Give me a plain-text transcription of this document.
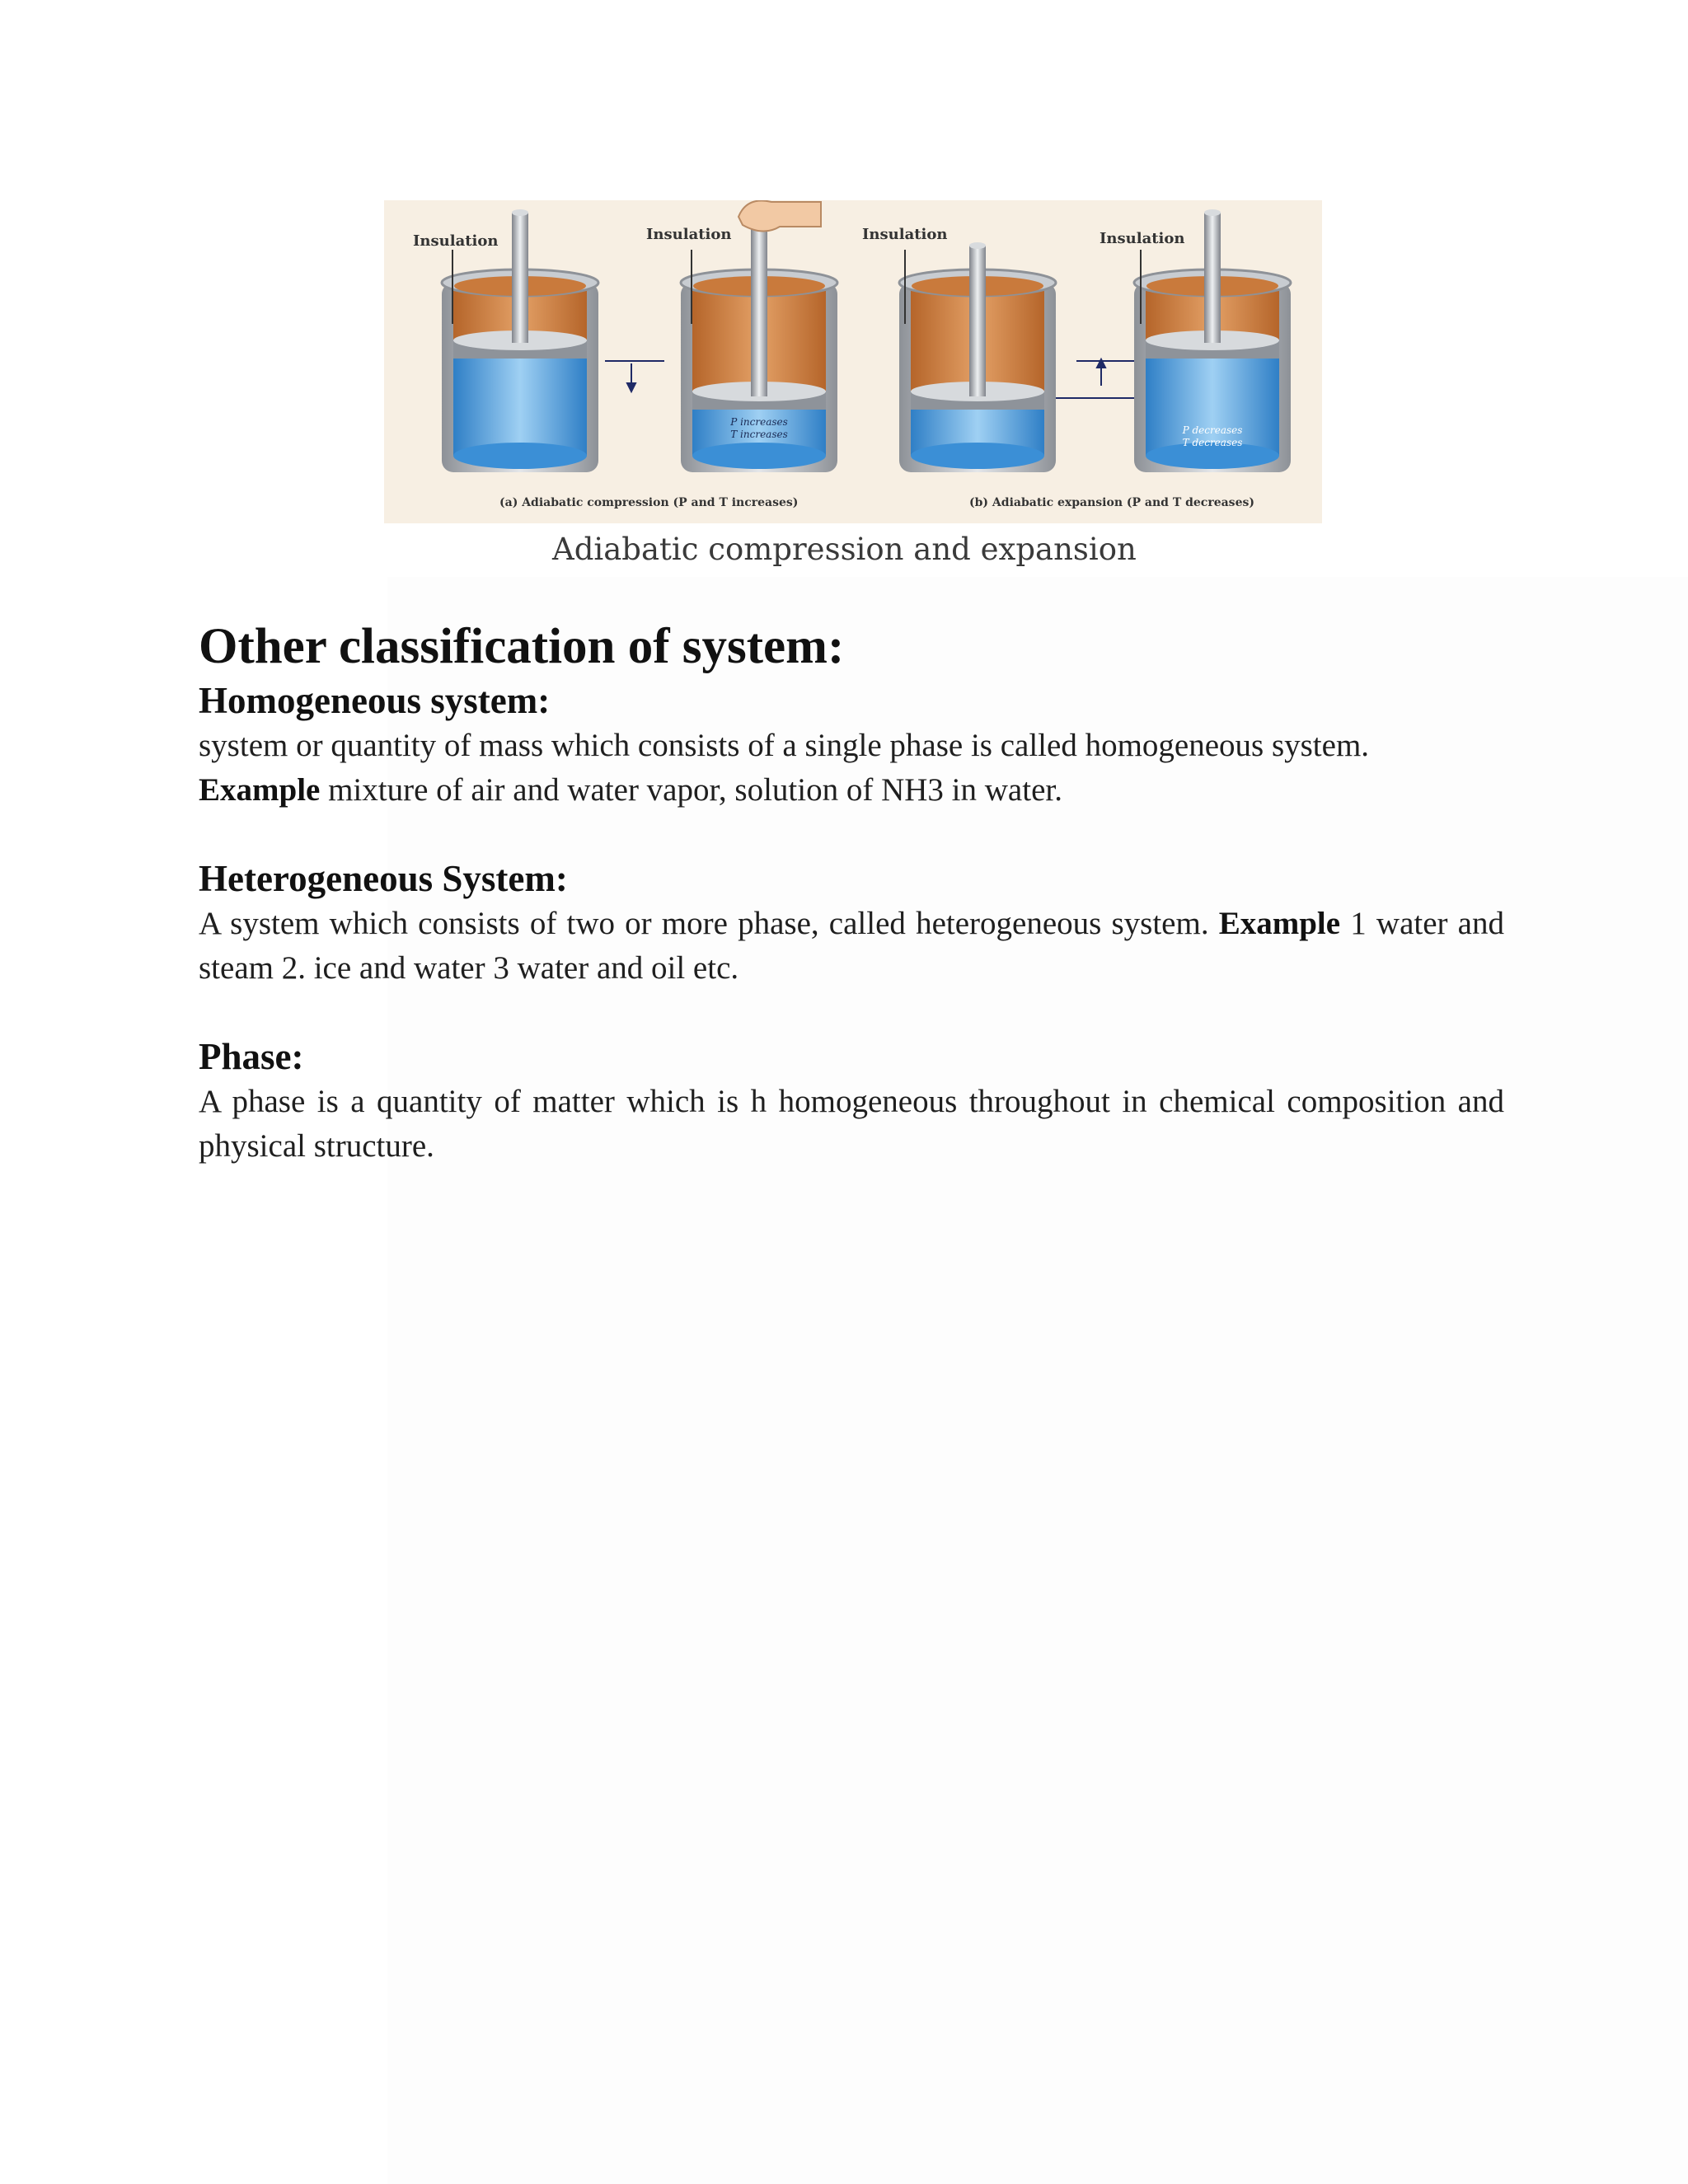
Insulation	Insulation	Insulation	Insulation
P increases
T increases	P decreases
T decreases
(a) Adiabatic compression (P and T increases)	(b) Adiabatic expansion (P and T decreases)
Adiabatic compression and expansion
Other classification of system:
Homogeneous system:

system or quantity of mass which consists of a single phase is called homogeneous system.
Example mixture of air and water vapor, solution of NH3 in water.

Heterogeneous System:

A system which consists of two or more phase, called heterogeneous system. Example 1 water and steam 2. ice and water 3 water and oil etc.

Phase:

A phase is a quantity of matter which is h homogeneous throughout in chemical composition and physical structure.
